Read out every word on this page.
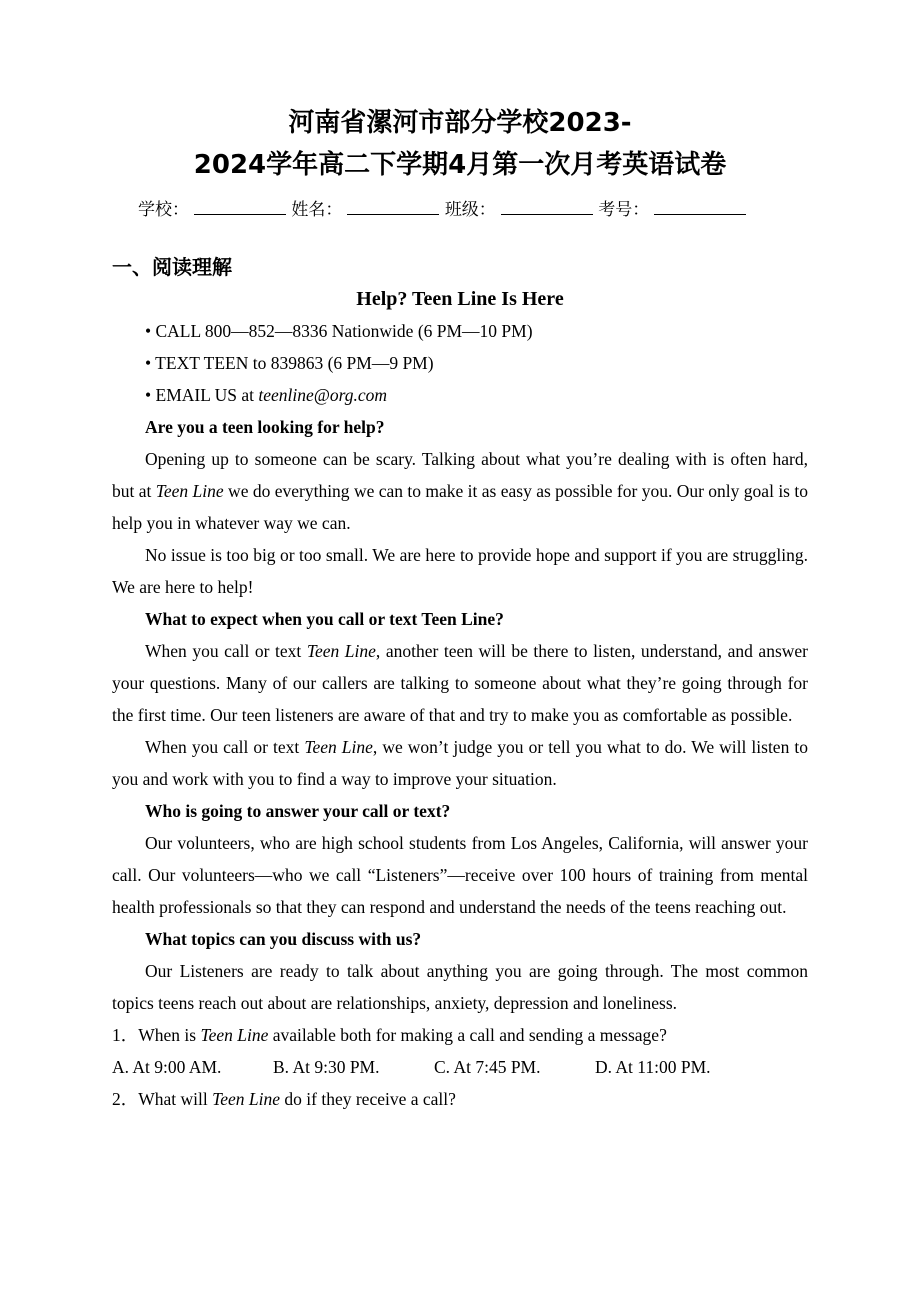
河南省漯河市部分学校2023-
2024学年高二下学期4月第一次月考英语试卷
学校：	姓名：	班级：	考号：
一、阅读理解

Help? Teen Line Is Here

• CALL 800—852—8336 Nationwide (6 PM—10 PM)

• TEXT TEEN to 839863 (6 PM—9 PM)

• EMAIL US at teenline@org.com

Are you a teen looking for help?

Opening up to someone can be scary. Talking about what you’re dealing with is often hard, but at Teen Line we do everything we can to make it as easy as possible for you. Our only goal is to help you in whatever way we can.

No issue is too big or too small. We are here to provide hope and support if you are struggling. We are here to help!

What to expect when you call or text Teen Line?

When you call or text Teen Line, another teen will be there to listen, understand, and answer your questions. Many of our callers are talking to someone about what they’re going through for the first time. Our teen listeners are aware of that and try to make you as comfortable as possible.

When you call or text Teen Line, we won’t judge you or tell you what to do. We will listen to you and work with you to find a way to improve your situation.

Who is going to answer your call or text?

Our volunteers, who are high school students from Los Angeles, California, will answer your call. Our volunteers—who we call “Listeners”—receive over 100 hours of training from mental health professionals so that they can respond and understand the needs of the teens reaching out.

What topics can you discuss with us?

Our Listeners are ready to talk about anything you are going through. The most common topics teens reach out about are relationships, anxiety, depression and loneliness.

1．When is Teen Line available both for making a call and sending a message?

A. At 9:00 AM.	B. At 9:30 PM.	C. At 7:45 PM.	D. At 11:00 PM.

2．What will Teen Line do if they receive a call?
